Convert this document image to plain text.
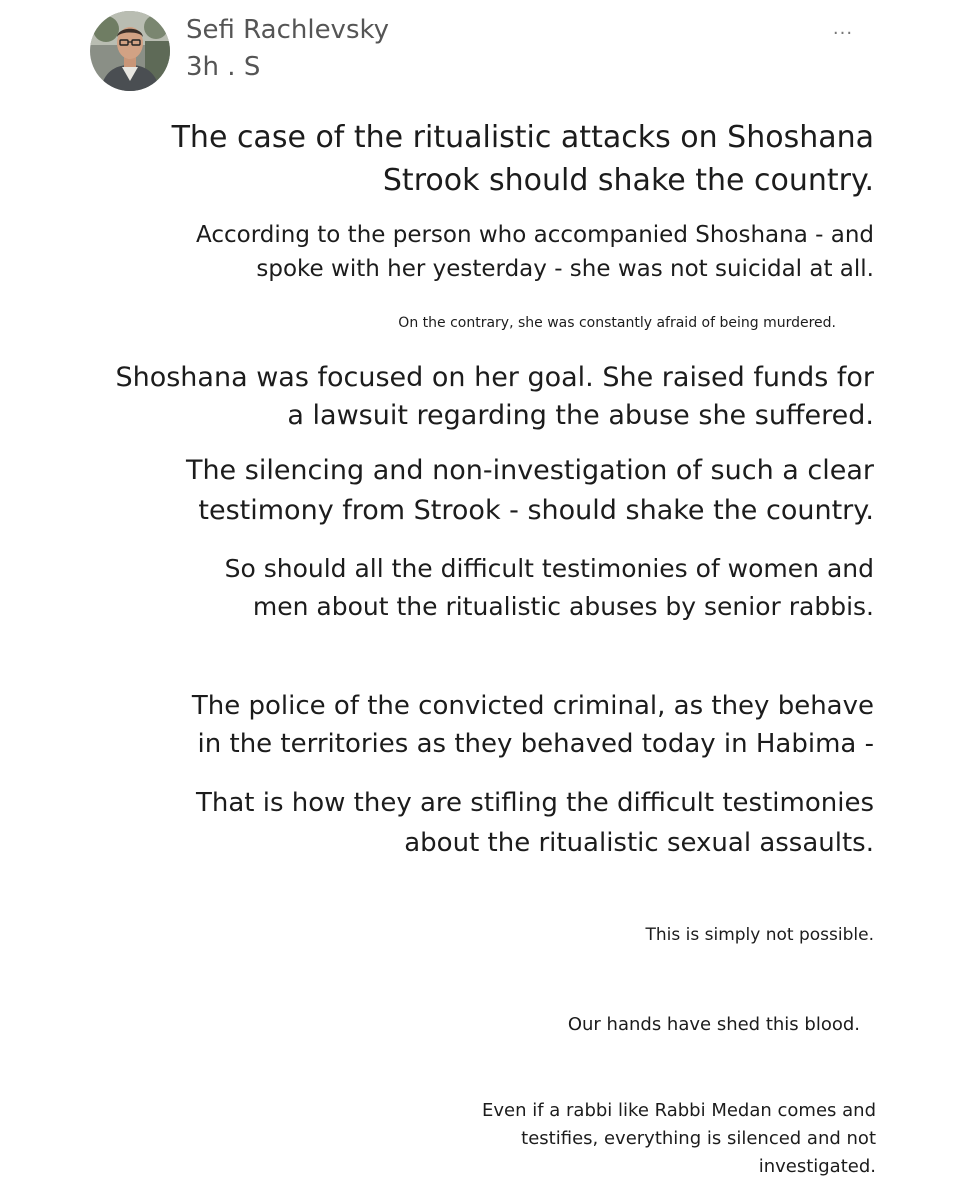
Sefi Rachlevsky
3h . S
...
The case of the ritualistic attacks on Shoshana
Strook should shake the country.
According to the person who accompanied Shoshana - and
spoke with her yesterday - she was not suicidal at all.
On the contrary, she was constantly afraid of being murdered.
Shoshana was focused on her goal. She raised funds for
a lawsuit regarding the abuse she suffered.
The silencing and non-investigation of such a clear
testimony from Strook - should shake the country.
So should all the difficult testimonies of women and
men about the ritualistic abuses by senior rabbis.
The police of the convicted criminal, as they behave
in the territories as they behaved today in Habima -
That is how they are stifling the difficult testimonies
about the ritualistic sexual assaults.
This is simply not possible.
Our hands have shed this blood.
Even if a rabbi like Rabbi Medan comes and
testifies, everything is silenced and not
investigated.
